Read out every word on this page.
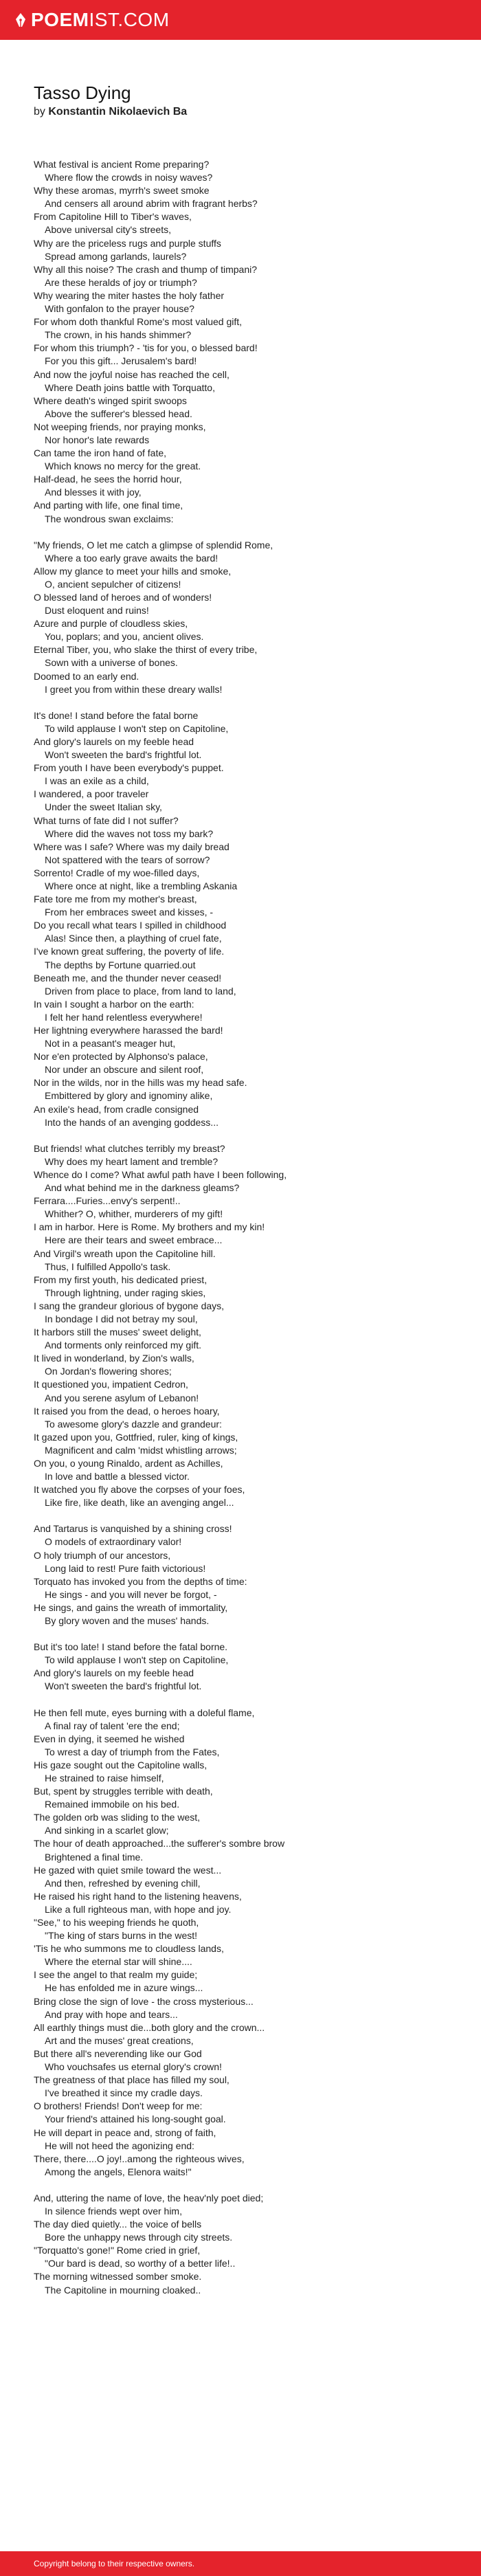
POEMIST.COM
Tasso Dying
by Konstantin Nikolaevich Ba
What festival is ancient Rome preparing?
Where flow the crowds in noisy waves?
Why these aromas, myrrh's sweet smoke
And censers all around abrim with fragrant herbs?
From Capitoline Hill to Tiber's waves,
Above universal city's streets,
Why are the priceless rugs and purple stuffs
Spread among garlands, laurels?
Why all this noise? The crash and thump of timpani?
Are these heralds of joy or triumph?
Why wearing the miter hastes the holy father
With gonfalon to the prayer house?
For whom doth thankful Rome's most valued gift,
The crown, in his hands shimmer?
For whom this triumph? - 'tis for you, o blessed bard!
For you this gift... Jerusalem's bard!
And now the joyful noise has reached the cell,
Where Death joins battle with Torquatto,
Where death's winged spirit swoops
Above the sufferer's blessed head.
Not weeping friends, nor praying monks,
Nor honor's late rewards
Can tame the iron hand of fate,
Which knows no mercy for the great.
Half-dead, he sees the horrid hour,
And blesses it with joy,
And parting with life, one final time,
The wondrous swan exclaims:
"My friends, O let me catch a glimpse of splendid Rome,
Where a too early grave awaits the bard!
Allow my glance to meet your hills and smoke,
O, ancient sepulcher of citizens!
O blessed land of heroes and of wonders!
Dust eloquent and ruins!
Azure and purple of cloudless skies,
You, poplars; and you, ancient olives.
Eternal Tiber, you, who slake the thirst of every tribe,
Sown with a universe of bones.
Doomed to an early end.
I greet you from within these dreary walls!
It's done! I stand before the fatal borne
To wild applause I won't step on Capitoline,
And glory's laurels on my feeble head
Won't sweeten the bard's frightful lot.
From youth I have been everybody's puppet.
I was an exile as a child,
I wandered, a poor traveler
Under the sweet Italian sky,
What turns of fate did I not suffer?
Where did the waves not toss my bark?
Where was I safe? Where was my daily bread
Not spattered with the tears of sorrow?
Sorrento! Cradle of my woe-filled days,
Where once at night, like a trembling Askania
Fate tore me from my mother's breast,
From her embraces sweet and kisses, -
Do you recall what tears I spilled in childhood
Alas! Since then, a plaything of cruel fate,
I've known great suffering, the poverty of life.
The depths by Fortune quarried.out
Beneath me, and the thunder never ceased!
Driven from place to place, from land to land,
In vain I sought a harbor on the earth:
I felt her hand relentless everywhere!
Her lightning everywhere harassed the bard!
Not in a peasant's meager hut,
Nor e'en protected by Alphonso's palace,
Nor under an obscure and silent roof,
Nor in the wilds, nor in the hills was my head safe.
Embittered by glory and ignominy alike,
An exile's head, from cradle consigned
Into the hands of an avenging goddess...
But friends! what clutches terribly my breast?
Why does my heart lament and tremble?
Whence do I come? What awful path have I been following,
And what behind me in the darkness gleams?
Ferrara....Furies...envy's serpent!..
Whither? O, whither, murderers of my gift!
I am in harbor. Here is Rome. My brothers and my kin!
Here are their tears and sweet embrace...
And Virgil's wreath upon the Capitoline hill.
Thus, I fulfilled Appollo's task.
From my first youth, his dedicated priest,
Through lightning, under raging skies,
I sang the grandeur glorious of bygone days,
In bondage I did not betray my soul,
It harbors still the muses' sweet delight,
And torments only reinforced my gift.
It lived in wonderland, by Zion's walls,
On Jordan's flowering shores;
It questioned you, impatient Cedron,
And you serene asylum of Lebanon!
It raised you from the dead, o heroes hoary,
To awesome glory's dazzle and grandeur:
It gazed upon you, Gottfried, ruler, king of kings,
Magnificent and calm 'midst whistling arrows;
On you, o young Rinaldo, ardent as Achilles,
In love and battle a blessed victor.
It watched you fly above the corpses of your foes,
Like fire, like death, like an avenging angel...
And Tartarus is vanquished by a shining cross!
O models of extraordinary valor!
O holy triumph of our ancestors,
Long laid to rest! Pure faith victorious!
Torquato has invoked you from the depths of time:
He sings - and you will never be forgot, -
He sings, and gains the wreath of immortality,
By glory woven and the muses' hands.
But it's too late! I stand before the fatal borne.
To wild applause I won't step on Capitoline,
And glory's laurels on my feeble head
Won't sweeten the bard's frightful lot.
He then fell mute, eyes burning with a doleful flame,
A final ray of talent 'ere the end;
Even in dying, it seemed he wished
To wrest a day of triumph from the Fates,
His gaze sought out the Capitoline walls,
He strained to raise himself,
But, spent by struggles terrible with death,
Remained immobile on his bed.
The golden orb was sliding to the west,
And sinking in a scarlet glow;
The hour of death approached...the sufferer's sombre brow
Brightened a final time.
He gazed with quiet smile toward the west...
And then, refreshed by evening chill,
He raised his right hand to the listening heavens,
Like a full righteous man, with hope and joy.
"See," to his weeping friends he quoth,
"The king of stars burns in the west!
'Tis he who summons me to cloudless lands,
Where the eternal star will shine....
I see the angel to that realm my guide;
He has enfolded me in azure wings...
Bring close the sign of love - the cross mysterious...
And pray with hope and tears...
All earthly things must die...both glory and the crown...
Art and the muses' great creations,
But there all's neverending like our God
Who vouchsafes us eternal glory's crown!
The greatness of that place has filled my soul,
I've breathed it since my cradle days.
O brothers! Friends! Don't weep for me:
Your friend's attained his long-sought goal.
He will depart in peace and, strong of faith,
He will not heed the agonizing end:
There, there....O joy!..among the righteous wives,
Among the angels, Elenora waits!"
And, uttering the name of love, the heav'nly poet died;
In silence friends wept over him,
The day died quietly... the voice of bells
Bore the unhappy news through city streets.
"Torquatto's gone!" Rome cried in grief,
"Our bard is dead, so worthy of a better life!..
The morning witnessed somber smoke.
The Capitoline in mourning cloaked..
Copyright belong to their respective owners.
